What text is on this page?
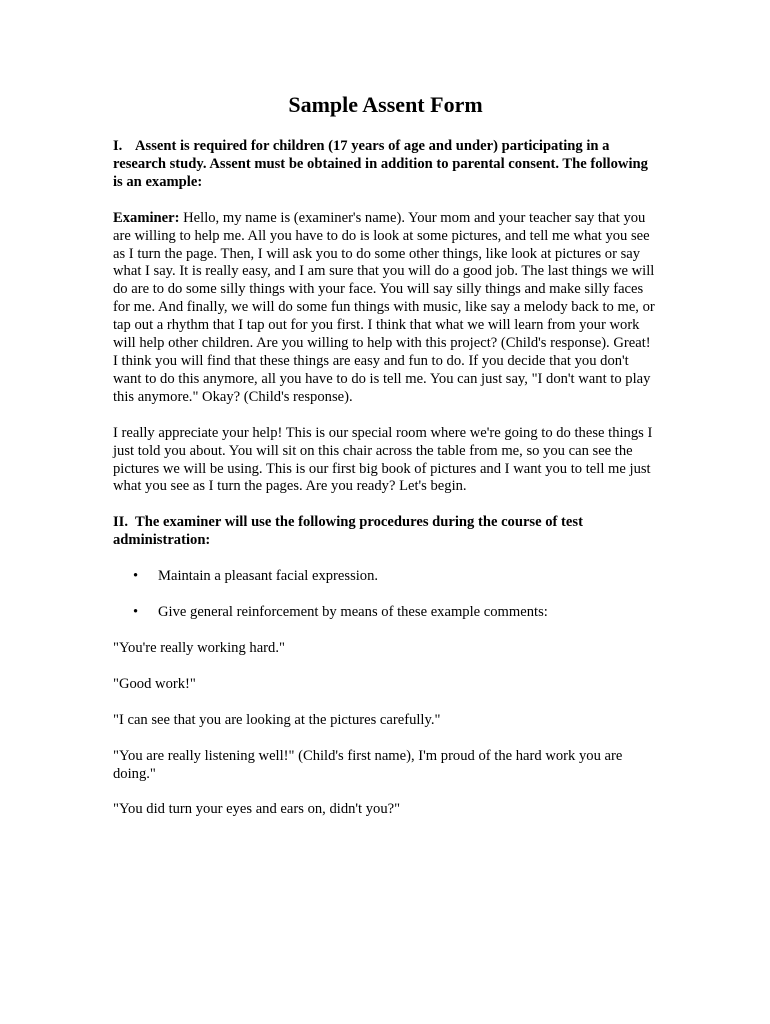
Sample Assent Form
I. Assent is required for children (17 years of age and under) participating in a research study. Assent must be obtained in addition to parental consent. The following is an example:
Examiner: Hello, my name is (examiner's name). Your mom and your teacher say that you are willing to help me. All you have to do is look at some pictures, and tell me what you see as I turn the page. Then, I will ask you to do some other things, like look at pictures or say what I say. It is really easy, and I am sure that you will do a good job. The last things we will do are to do some silly things with your face. You will say silly things and make silly faces for me. And finally, we will do some fun things with music, like say a melody back to me, or tap out a rhythm that I tap out for you first. I think that what we will learn from your work will help other children. Are you willing to help with this project? (Child's response). Great! I think you will find that these things are easy and fun to do. If you decide that you don't want to do this anymore, all you have to do is tell me. You can just say, "I don't want to play this anymore." Okay? (Child's response).
I really appreciate your help! This is our special room where we're going to do these things I just told you about. You will sit on this chair across the table from me, so you can see the pictures we will be using. This is our first big book of pictures and I want you to tell me just what you see as I turn the pages. Are you ready? Let's begin.
II. The examiner will use the following procedures during the course of test administration:
• Maintain a pleasant facial expression.
• Give general reinforcement by means of these example comments:
"You're really working hard."
"Good work!"
"I can see that you are looking at the pictures carefully."
"You are really listening well!" (Child's first name), I'm proud of the hard work you are doing."
"You did turn your eyes and ears on, didn't you?"
